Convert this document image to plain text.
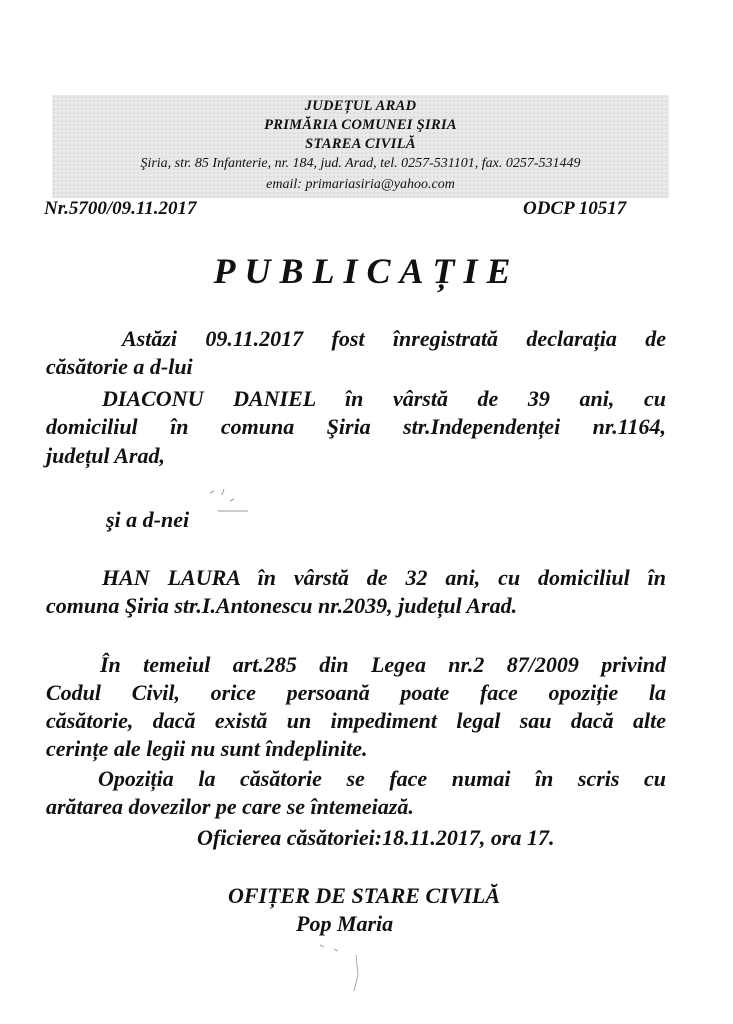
JUDEȚUL ARAD
PRIMĂRIA COMUNEI ŞIRIA
STAREA CIVILĂ
Şiria, str. 85 Infanterie, nr. 184, jud. Arad, tel. 0257-531101, fax. 0257-531449
email: primariasiria@yahoo.com
Nr.5700/09.11.2017	ODCP 10517
PUBLICAȚIE
Astăzi 09.11.2017 fost înregistrată declarația de
căsătorie a d-lui
DIACONU DANIEL în vârstă de 39 ani, cu
domiciliul în comuna Şiria str.Independenței nr.1164,
județul Arad,
şi a d-nei
HAN LAURA în vârstă de 32 ani, cu domiciliul în
comuna Şiria str.I.Antonescu nr.2039, județul Arad.
În temeiul art.285 din Legea nr.2 87/2009 privind
Codul Civil, orice persoană poate face opoziție la
căsătorie, dacă există un impediment legal sau dacă alte
cerințe ale legii nu sunt îndeplinite.
Opoziția la căsătorie se face numai în scris cu
arătarea dovezilor pe care se întemeiază.
Oficierea căsătoriei:18.11.2017, ora 17.
OFIȚER DE STARE CIVILĂ
Pop Maria
